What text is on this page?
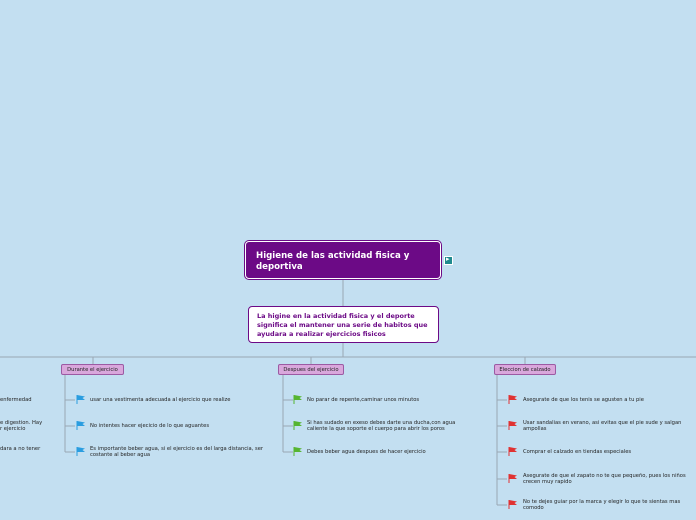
Higiene de las actividad fisica y deportiva
▸
La higine en la actividad fisica y el deporte significa el mantener una serie de habitos que ayudara a realizar ejercicios fisicos
enfermedad
e digestion. Hay
r ejercicio
dara a no tener
Durante el ejercicio
usar una vestimenta adecuada al ejercicio que realize
No intentes hacer ejecicio de lo que aguantes
Es importante beber agua, si el ejercicio es del larga distancia, ser costante al beber agua
Despues del ejercicio
No parar de repente,caminar unos minutos
Si has sudado en exeso debes darte una ducha,con agua caliente la que soporte el cuerpo para abrir los poros
Debes beber agua despues de hacer ejercicio
Eleccion de calzado
Asegurate de que los tenis se agusten a tu pie
Usar sandalias en verano, asi evitas que el pie sude y salgan ampollas
Comprar el calzado en tiendas especiales
Asegurate de que el zapato no te que pequeño, pues los niños crecen muy rapido
No te dejes guiar por la marca y elegir lo que te sientas mas comodo
